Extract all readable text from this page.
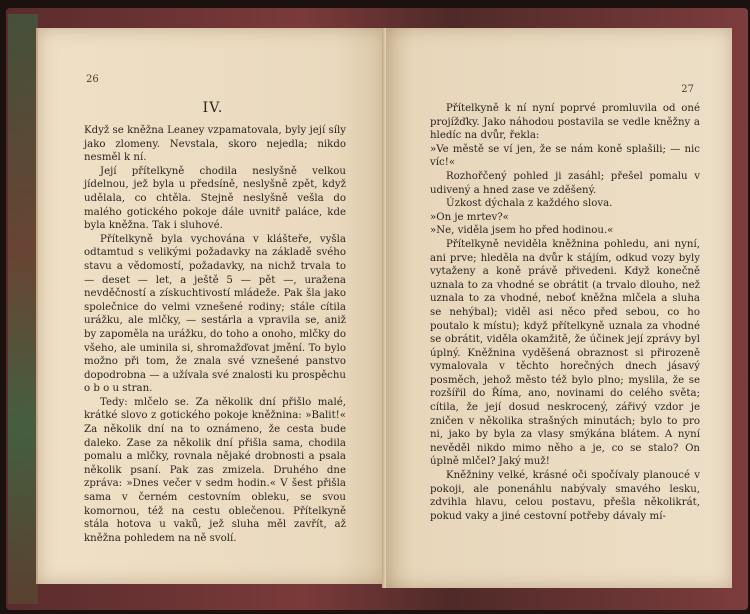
26
IV.

Když se kněžna Leaney vzpamatovala, byly její síly jako zlomeny. Nevstala, skoro nejedla; nikdo nesměl k ní.

Její přítelkyně chodila neslyšně velkou jídelnou, jež byla u předsíně, neslyšně zpět, když udělala, co chtěla. Stejně neslyšně vešla do malého gotického pokoje dále uvnitř paláce, kde byla kněžna. Tak i sluhové.

Přítelkyně byla vychována v klášteře, vyšla odtamtud s velikými požadavky na základě svého stavu a vědomostí, požadavky, na nichž trvala to — deset — let, a ještě 5 — pět —, uražena nevděčností a získuchtivostí mládeže. Pak šla jako společnice do velmi vznešené rodiny; stále cítila urážku, ale mlčky, — sestárla a vpravila se, aniž by zapoměla na urážku, do toho a onoho, mlčky do všeho, ale uminila si, shromažďovat jmění. To bylo možno při tom, že znala své vznešené panstvo dopodrobna — a užívala své znalosti ku prospěchu o b o u stran.

Tedy: mlčelo se. Za několik dní přišlo malé, krátké slovo z gotického pokoje kněžnina: »Balit!« Za několik dní na to oznámeno, že cesta bude daleko. Zase za několik dní přišla sama, chodila pomalu a mlčky, rovnala nějaké drobnosti a psala několik psaní. Pak zas zmizela. Druhého dne zpráva: »Dnes večer v sedm hodin.« V šest přišla sama v černém cestovním obleku, se svou komornou, též na cestu oblečenou. Přítelkyně stála hotova u vaků, jež sluha měl zavřít, až kněžna pohledem na ně svolí.

27

Přítelkyně k ní nyní poprvé promluvila od oné projížďky. Jako náhodou postavila se vedle kněžny a hledíc na dvůr, řekla:

»Ve městě se ví jen, že se nám koně splašili; — nic víc!«

Rozhořčený pohled ji zasáhl; přešel pomalu v udivený a hned zase ve zděšený.

Úzkost dýchala z každého slova.

»On je mrtev?«

»Ne, viděla jsem ho před hodinou.«

Přítelkyně neviděla kněžnina pohledu, ani nyní, ani prve; hleděla na dvůr k stájím, odkud vozy byly vytaženy a koně právě přivedeni. Když konečně uznala to za vhodné se obrátit (a trvalo dlouho, než uznala to za vhodné, neboť kněžna mlčela a sluha se nehýbal); viděl asi něco před sebou, co ho poutalo k místu); když přítelkyně uznala za vhodné se obrátit, viděla okamžitě, že účinek její zprávy byl úplný. Kněžnina vyděšená obraznost si přirozeně vymalovala v těchto horečných dnech jásavý posměch, jehož město též bylo plno; myslila, že se rozšířil do Říma, ano, novinami do celého světa; cítila, že její dosud neskrocený, zářivý vzdor je zničen v několika strašných minutách; bylo to pro ni, jako by byla za vlasy smýkána blátem. A nyní nevěděl nikdo mimo něho a je, co se stalo? On úplně mlčel? Jaký muž!

Kněžniny velké, krásné oči spočívaly planoucé v pokoji, ale ponenáhlu nabývaly smavého lesku, zdvihla hlavu, celou postavu, přešla několikrát, pokud vaky a jiné cestovní potřeby dávaly mí-
